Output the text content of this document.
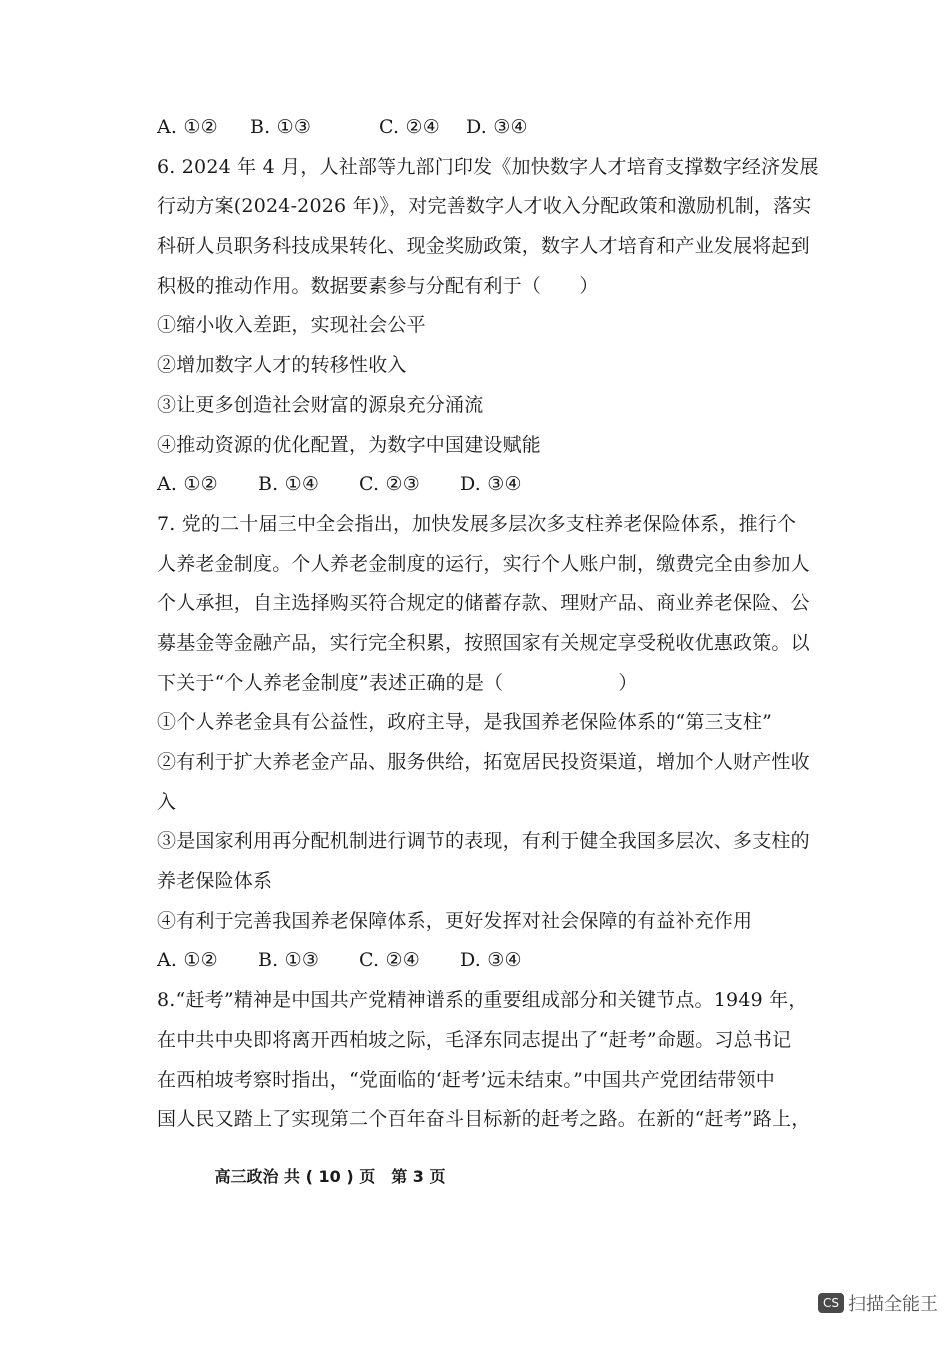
A. ①②	B. ①③	C. ②④	D. ③④
6. 2024 年 4 月，人社部等九部门印发《加快数字人才培育支撑数字经济发展
行动方案(2024-2026 年)》，对完善数字人才收入分配政策和激励机制，落实
科研人员职务科技成果转化、现金奖励政策，数字人才培育和产业发展将起到
积极的推动作用。数据要素参与分配有利于（　　）
①缩小收入差距，实现社会公平
②增加数字人才的转移性收入
③让更多创造社会财富的源泉充分涌流
④推动资源的优化配置，为数字中国建设赋能
A. ①②	B. ①④	C. ②③	D. ③④
7. 党的二十届三中全会指出，加快发展多层次多支柱养老保险体系，推行个
人养老金制度。个人养老金制度的运行，实行个人账户制，缴费完全由参加人
个人承担，自主选择购买符合规定的储蓄存款、理财产品、商业养老保险、公
募基金等金融产品，实行完全积累，按照国家有关规定享受税收优惠政策。以
下关于“个人养老金制度”表述正确的是（　　　　　　）
①个人养老金具有公益性，政府主导，是我国养老保险体系的“第三支柱”
②有利于扩大养老金产品、服务供给，拓宽居民投资渠道，增加个人财产性收
入
③是国家利用再分配机制进行调节的表现，有利于健全我国多层次、多支柱的
养老保险体系
④有利于完善我国养老保障体系，更好发挥对社会保障的有益补充作用
A. ①②	B. ①③	C. ②④	D. ③④
8.“赶考”精神是中国共产党精神谱系的重要组成部分和关键节点。1949 年，
在中共中央即将离开西柏坡之际，毛泽东同志提出了“赶考”命题。习总书记
在西柏坡考察时指出，“党面临的‘赶考’远未结束。”中国共产党团结带领中
国人民又踏上了实现第二个百年奋斗目标新的赶考之路。在新的“赶考”路上，
高三政治 共 ( 10 ) 页　第 3 页
CS 扫描全能王
